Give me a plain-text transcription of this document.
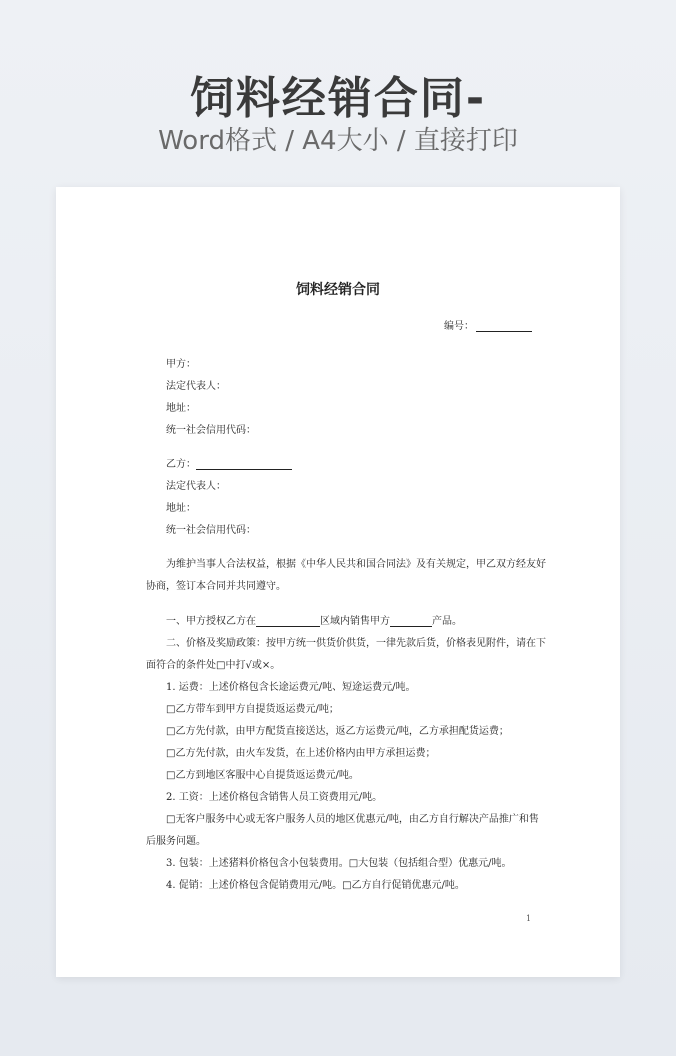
饲料经销合同-
Word格式 / A4大小 / 直接打印
饲料经销合同
编号：
甲方：
法定代表人：
地址：
统一社会信用代码：
乙方：
法定代表人：
地址：
统一社会信用代码：
为维护当事人合法权益，根据《中华人民共和国合同法》及有关规定，甲乙双方经友好
协商，签订本合同并共同遵守。
一、甲方授权乙方在	区域内销售甲方	产品。
二、价格及奖励政策：按甲方统一供货价供货，一律先款后货，价格表见附件，请在下
面符合的条件处□中打√或×。
1. 运费：上述价格包含长途运费元/吨、短途运费元/吨。
□乙方带车到甲方自提货返运费元/吨；
□乙方先付款，由甲方配货直接送达，返乙方运费元/吨，乙方承担配货运费；
□乙方先付款，由火车发货，在上述价格内由甲方承担运费；
□乙方到地区客服中心自提货返运费元/吨。
2. 工资：上述价格包含销售人员工资费用元/吨。
□无客户服务中心或无客户服务人员的地区优惠元/吨，由乙方自行解决产品推广和售
后服务问题。
3. 包装：上述猪料价格包含小包装费用。□大包装（包括组合型）优惠元/吨。
4. 促销：上述价格包含促销费用元/吨。□乙方自行促销优惠元/吨。
1
